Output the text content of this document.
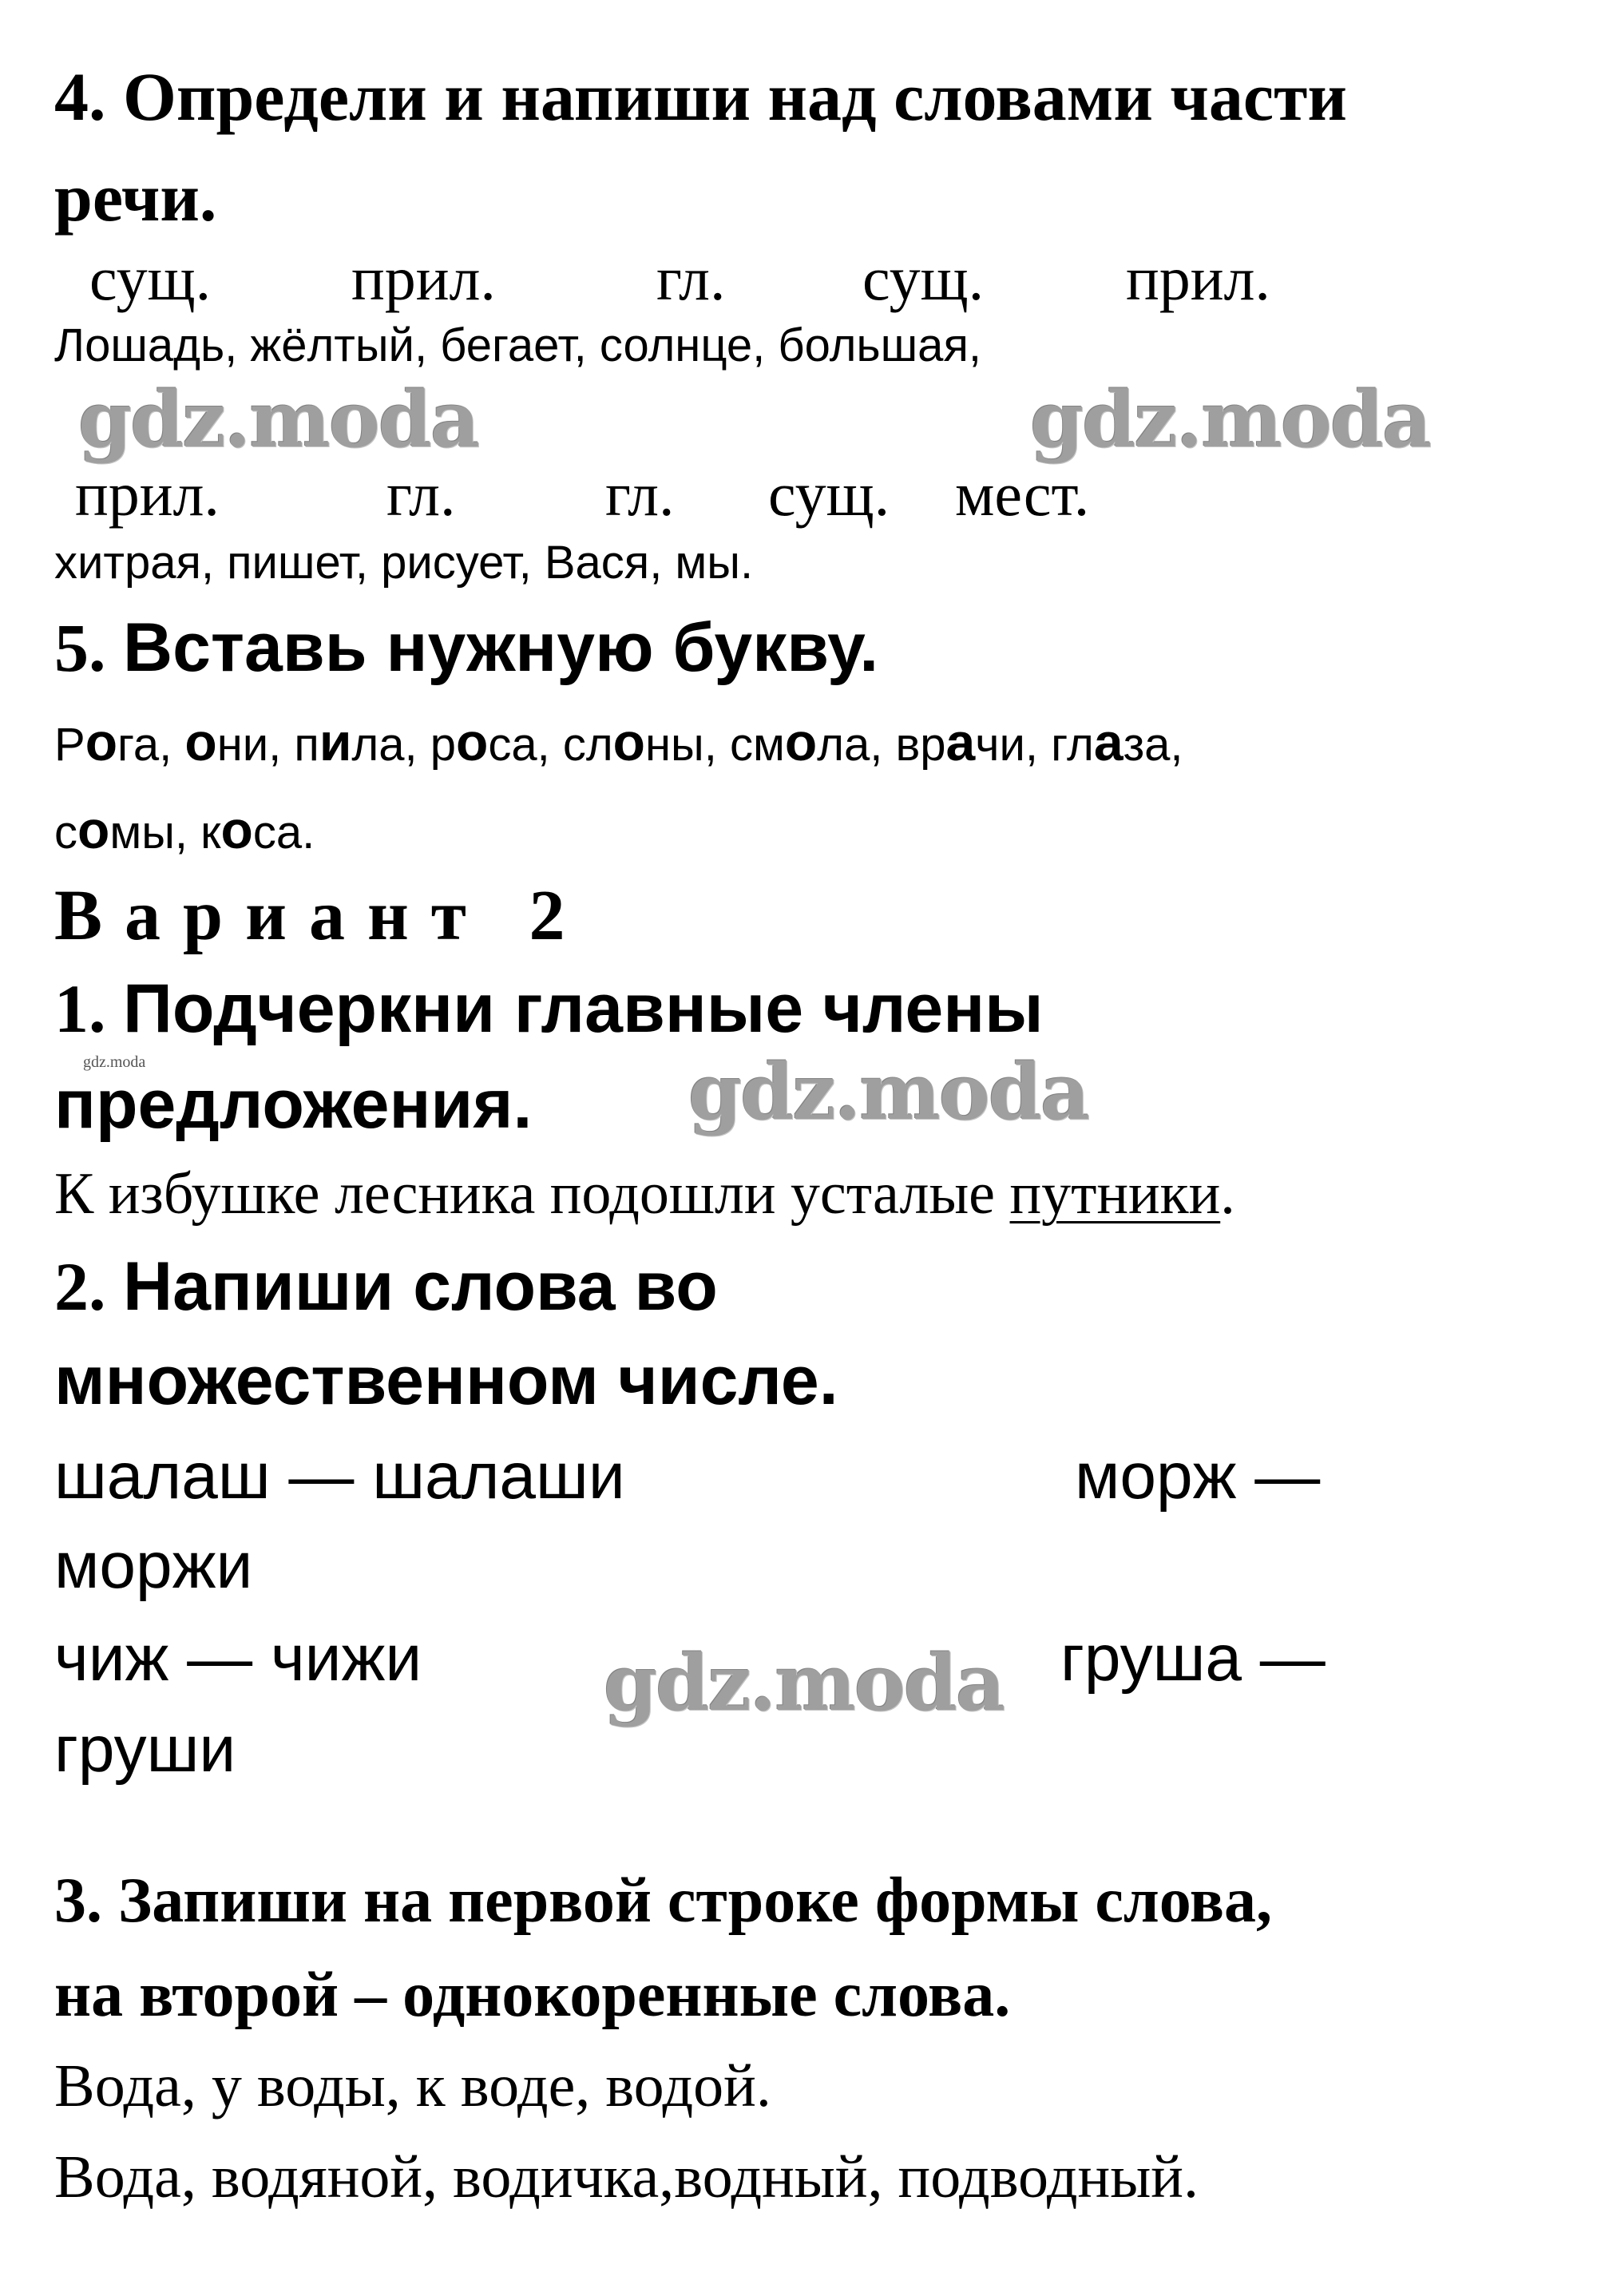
4. Определи и напиши над словами части
речи.
сущ. прил.	гл. сущ. прил.
Лошадь, жёлтый, бегает, солнце, большая,
gdz.moda	gdz.moda
прил.	гл. гл. сущ. мест.
хитрая, пишет, рисует, Вася, мы.
5. Вставь нужную букву.
Рога, они, пила, роса, слоны, смола, врачи, глаза,
сомы, коса.
Вариант 2
1. Подчеркни главные члены
gdz.moda
предложения. gdz.moda
К избушке лесника подошли усталые путники.
2. Напиши слова во
множественном числе.
шалаш — шалаши	морж —
моржи
чиж — чижи gdz.moda груша —
груши
3. Запиши на первой строке формы слова,
на второй – однокоренные слова.
Вода, у воды, к воде, водой.
Вода, водяной, водичка,водный, подводный.
